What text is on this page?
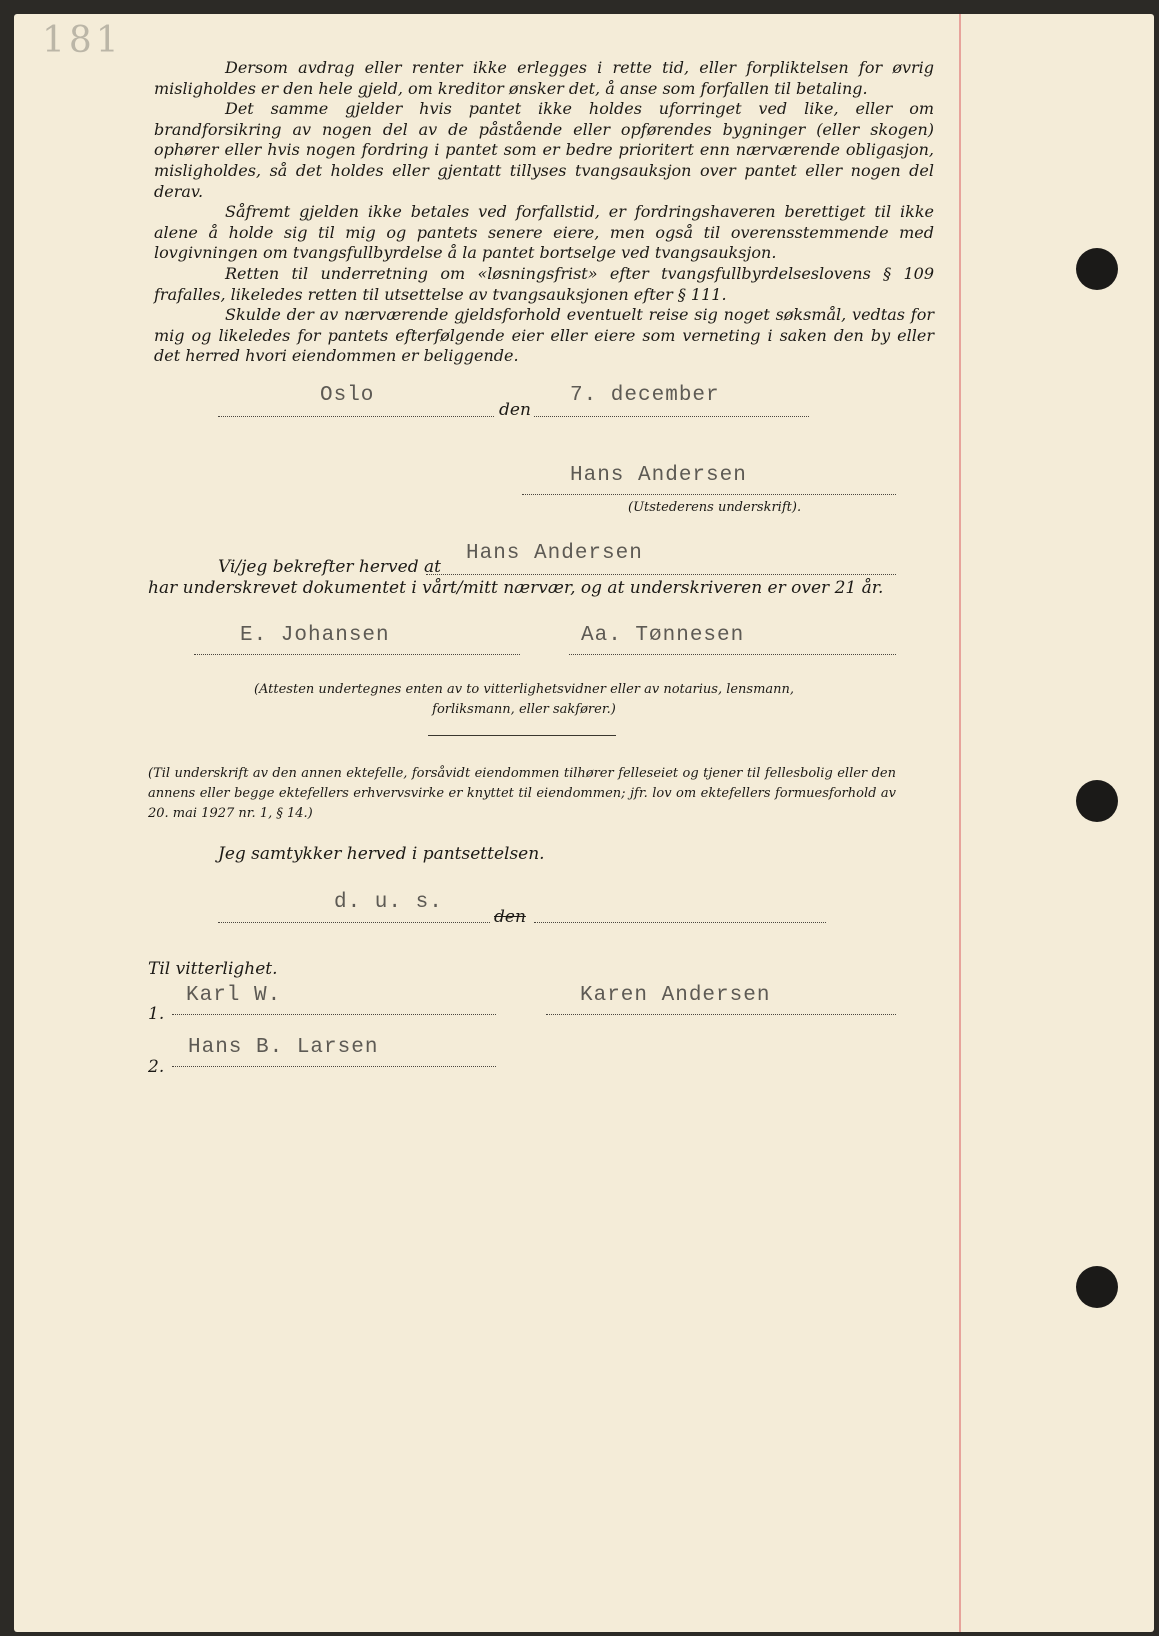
181

Dersom avdrag eller renter ikke erlegges i rette tid, eller forpliktelsen for øvrig misligholdes er den hele gjeld, om kreditor ønsker det, å anse som forfallen til betaling.

Det samme gjelder hvis pantet ikke holdes uforringet ved like, eller om brandforsikring av nogen del av de påstående eller opførendes bygninger (eller skogen) ophører eller hvis nogen fordring i pantet som er bedre prioritert enn nærværende obligasjon, misligholdes, så det holdes eller gjentatt tillyses tvangsauksjon over pantet eller nogen del derav.

Såfremt gjelden ikke betales ved forfallstid, er fordringshaveren berettiget til ikke alene å holde sig til mig og pantets senere eiere, men også til overensstemmende med lovgivningen om tvangsfullbyrdelse å la pantet bortselge ved tvangsauksjon.

Retten til underretning om «løsningsfrist» efter tvangsfullbyrdelseslovens § 109 frafalles, likeledes retten til utsettelse av tvangsauksjonen efter § 111.

Skulde der av nærværende gjeldsforhold eventuelt reise sig noget søksmål, vedtas for mig og likeledes for pantets efterfølgende eier eller eiere som verneting i saken den by eller det herred hvori eiendommen er beliggende.

Oslo
den
7. december
Hans Andersen
(Utstederens underskrift).
Vi/jeg bekrefter herved at
Hans Andersen
har underskrevet dokumentet i vårt/mitt nærvær, og at underskriveren er over 21 år.
E. Johansen	Aa. Tønnesen
(Attesten undertegnes enten av to vitterlighetsvidner eller av notarius, lensmann, forliksmann, eller sakfører.)
(Til underskrift av den annen ektefelle, forsåvidt eiendommen tilhører felleseiet og tjener til fellesbolig eller den annens eller begge ektefellers erhvervsvirke er knyttet til eiendommen; jfr. lov om ektefellers formuesforhold av 20. mai 1927 nr. 1, § 14.)
Jeg samtykker herved i pantsettelsen.
d. u. s.
den
Til vitterlighet.
1.
Karl W.	Karen Andersen
2.
Hans B. Larsen
